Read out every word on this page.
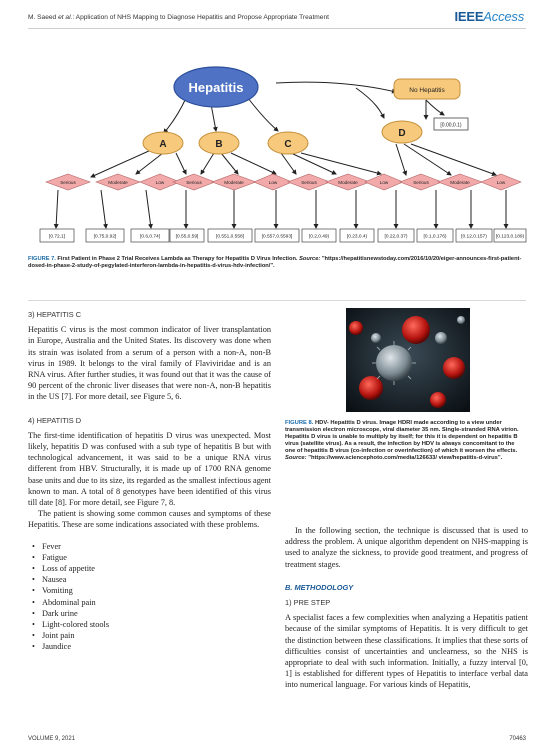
M. Saeed et al.: Application of NHS Mapping to Diagnose Hepatitis and Propose Appropriate Treatment	IEEEAccess
Hepatitis	No Hepatitis
[0.00,0.1)
A	B	C
D
Serious	Moderate	Low	Serious	Moderate	Low	Serious	Moderate	Low	Serious	Moderate	Low
[0.72,1]	[0.75,0.92]	[0.6,0.74]	[0.55,0.59]	[0.551,0.558]	[0.557,0.5593]	[0.2,0.49)	[0.23,0.4)	[0.22,0.37)	[0.1,0.176)	[0.12,0.157) [0.123,0.189)
FIGURE 7. First Patient in Phase 2 Trial Receives Lambda as Therapy for Hepatitis D Virus Infection. Source: "https://hepatitisnewstoday.com/2016/10/20/eiger-announces-first-patient-dosed-in-phase-2-study-of-pegylated-interferon-lambda-in-hepatitis-d-virus-hdv-infection/".
3) HEPATITIS C

Hepatitis C virus is the most common indicator of liver transplantation in Europe, Australia and the United States. Its discovery was done when its strain was isolated from a serum of a person with a non-A, non-B virus in 1989. It belongs to the viral family of Flaviviridae and is an RNA virus. After further studies, it was found out that it was the cause of 90 percent of the chronic liver diseases that were non-A, non-B hepatitis in the US [7]. For more detail, see Figure 5, 6.

4) HEPATITIS D

The first-time identification of hepatitis D virus was unexpected. Most likely, hepatitis D was confused with a sub type of hepatitis B but with technological advancement, it was said to be a unique RNA virus different from HBV. Structurally, it is made up of 1700 RNA genome base units and due to its size, its regarded as the smallest infectious agent known to man. A total of 8 genotypes have been identified of this virus till date [8]. For more detail, see Figure 7, 8.

The patient is showing some common causes and symptoms of these Hepatitis. These are some indications associated with these problems.

• Fever
• Fatigue
• Loss of appetite
• Nausea
• Vomiting
• Abdominal pain
• Dark urine
• Light-colored stools
• Joint pain
• Jaundice
FIGURE 8. HDV- Hepatitis D virus. Image HDRI made according to a view under transmission electron microscope, viral diameter 35 nm. Single-stranded RNA virion. Hepatitis D virus is unable to multiply by itself; for this it is dependent on hepatitis B virus (satellite virus). As a result, the infection by HDV is always concomitant to the one of hepatitis B virus (co-infection or overinfection) of which it worsen the effects. Source: "https://www.sciencephoto.com/media/126633/ view/hepatitis-d-virus".

In the following section, the technique is discussed that is used to address the problem. A unique algorithm dependent on NHS-mapping is used to analyze the sickness, to provide good treatment, and progress of treatment stages.

B. METHODOLOGY
1) PRE STEP

A specialist faces a few complexities when analyzing a Hepatitis patient because of the similar symptoms of Hepatitis. It is very difficult to get the distinction between these classifications. It implies that these sorts of difficulties consist of uncertainties and unclearness, so the NHS is appropriate to deal with such information. Initially, a fuzzy interval [0, 1] is established for different types of Hepatitis to interface verbal data into numerical language. For various kinds of Hepatitis,

VOLUME 9, 2021	70463
